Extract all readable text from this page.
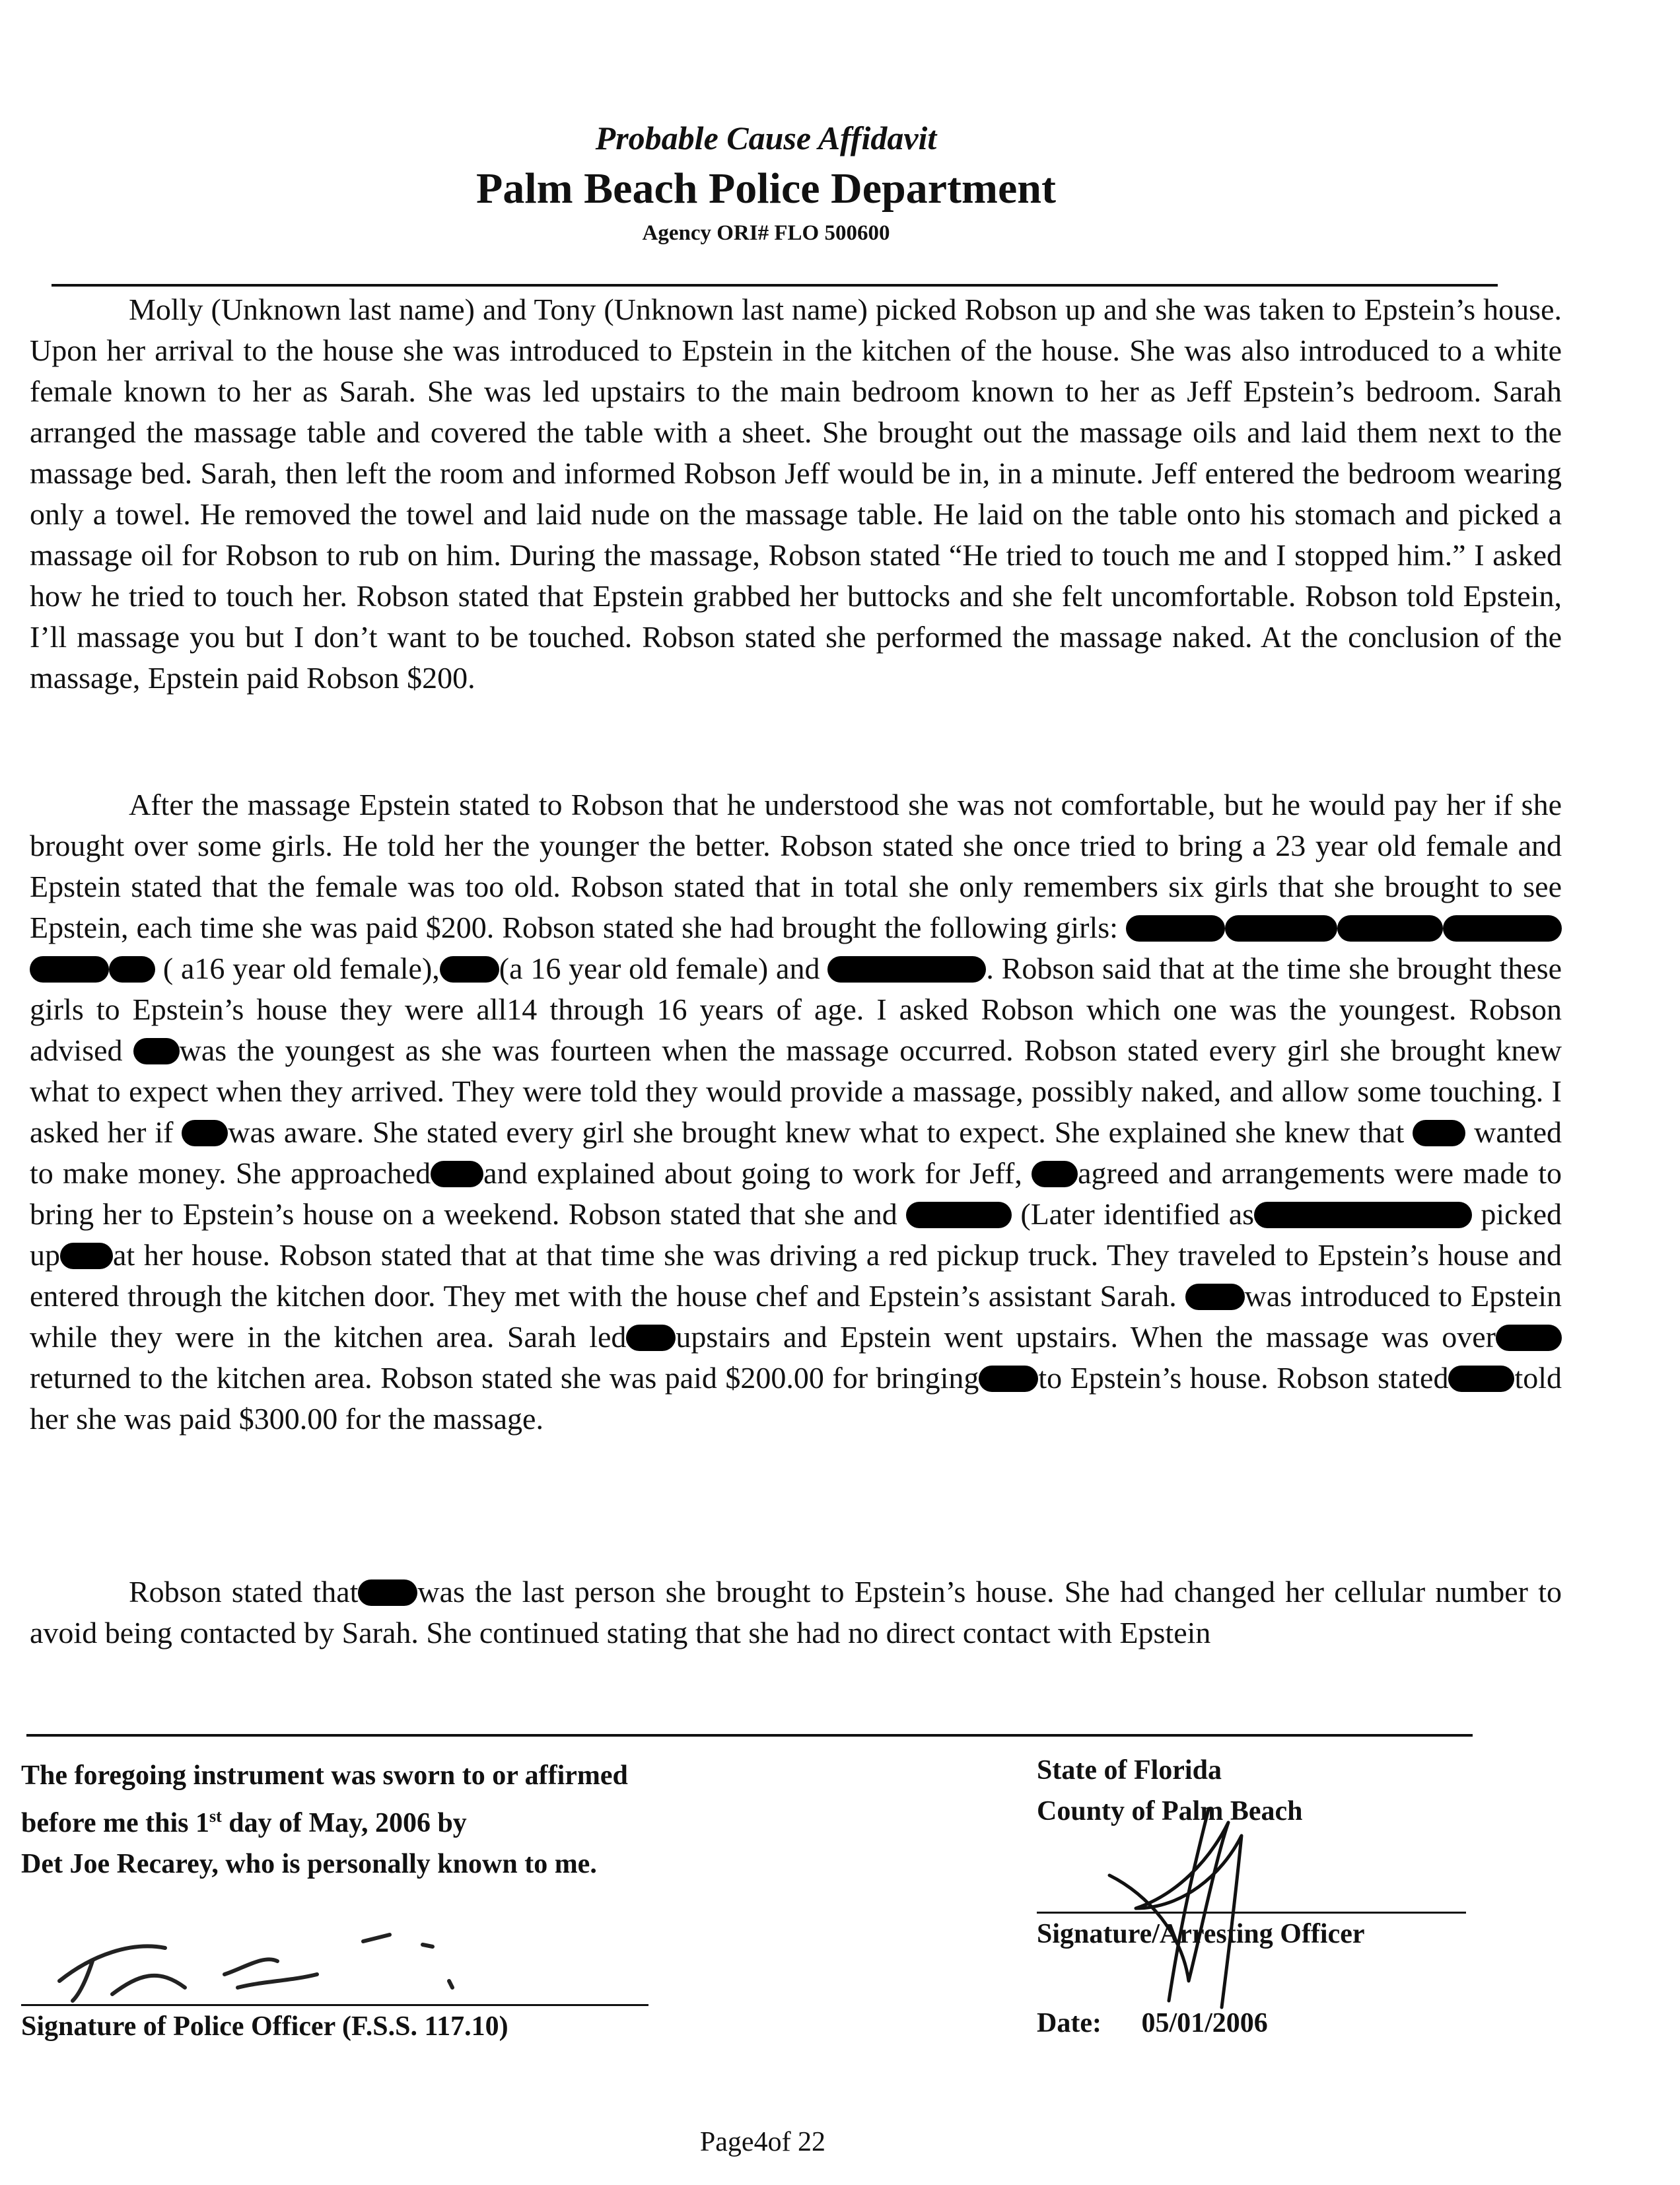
Probable Cause Affidavit
Palm Beach Police Department
Agency ORI# FLO 500600

Molly (Unknown last name) and Tony (Unknown last name) picked Robson up and she was taken to Epstein’s house. Upon her arrival to the house she was introduced to Epstein in the kitchen of the house. She was also introduced to a white female known to her as Sarah. She was led upstairs to the main bedroom known to her as Jeff Epstein’s bedroom. Sarah arranged the massage table and covered the table with a sheet. She brought out the massage oils and laid them next to the massage bed. Sarah, then left the room and informed Robson Jeff would be in, in a minute. Jeff entered the bedroom wearing only a towel. He removed the towel and laid nude on the massage table. He laid on the table onto his stomach and picked a massage oil for Robson to rub on him. During the massage, Robson stated “He tried to touch me and I stopped him.” I asked how he tried to touch her. Robson stated that Epstein grabbed her buttocks and she felt uncomfortable. Robson told Epstein, I’ll massage you but I don’t want to be touched. Robson stated she performed the massage naked. At the conclusion of the massage, Epstein paid Robson $200.

After the massage Epstein stated to Robson that he understood she was not comfortable, but he would pay her if she brought over some girls. He told her the younger the better. Robson stated she once tried to bring a 23 year old female and Epstein stated that the female was too old. Robson stated that in total she only remembers six girls that she brought to see Epstein, each time she was paid $200. Robson stated she had brought the following girls:  ( a16 year old female), (a 16 year old female) and	. Robson said that at the time she brought these girls to Epstein’s house they were all14 through 16 years of age. I asked Robson which one was the youngest. Robson advised was the youngest as she was fourteen when the massage occurred. Robson stated every girl she brought knew what to expect when they arrived. They were told they would provide a massage, possibly naked, and allow some touching. I asked her if was aware. She stated every girl she brought knew what to expect. She explained she knew that wanted to make money. She approached and explained about going to work for Jeff, agreed and arrangements were made to bring her to Epstein’s house on a weekend. Robson stated that she and	(Later identified as	picked up at her house. Robson stated that at that time she was driving a red pickup truck. They traveled to Epstein’s house and entered through the kitchen door. They met with the house chef and Epstein’s assistant Sarah. was introduced to Epstein while they were in the kitchen area. Sarah led upstairs and Epstein went upstairs. When the massage was overreturned to the kitchen area. Robson stated she was paid $200.00 for bringing to Epstein’s house. Robson stated told her she was paid $300.00 for the massage.

Robson stated that was the last person she brought to Epstein’s house. She had changed her cellular number to avoid being contacted by Sarah. She continued stating that she had no direct contact with Epstein

The foregoing instrument was sworn to or affirmed
before me this 1st day of May, 2006 by
Det Joe Recarey, who is personally known to me.
Signature of Police Officer (F.S.S. 117.10)
State of Florida
County of Palm Beach
Signature/Arresting Officer
Date: 05/01/2006
Page4of 22
